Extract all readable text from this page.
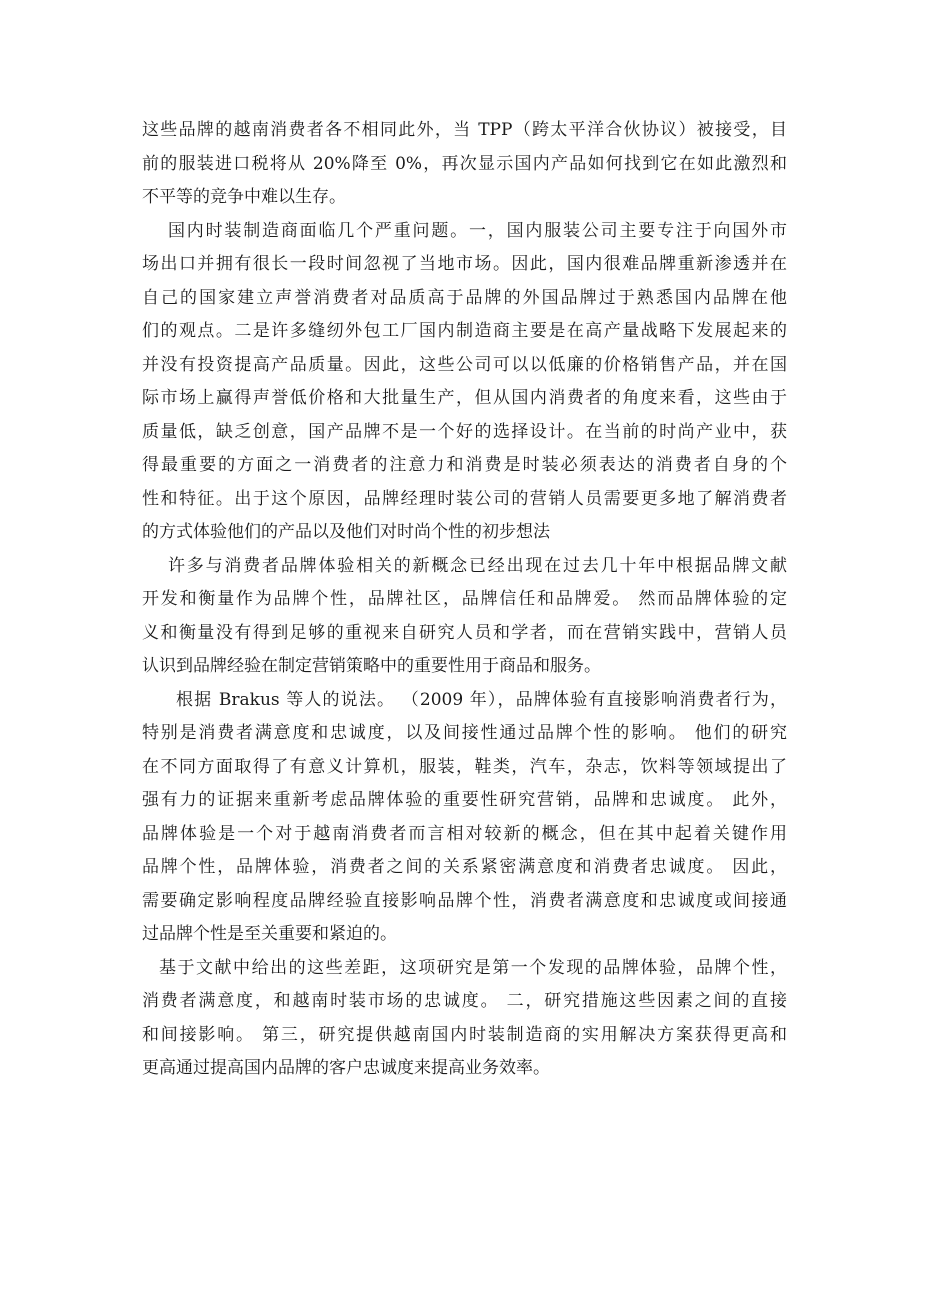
这些品牌的越南消费者各不相同此外，当 TPP（跨太平洋合伙协议）被接受，目
前的服装进口税将从 20%降至 0%，再次显示国内产品如何找到它在如此激烈和
不平等的竞争中难以生存。
国内时装制造商面临几个严重问题。一，国内服装公司主要专注于向国外市
场出口并拥有很长一段时间忽视了当地市场。因此，国内很难品牌重新渗透并在
自己的国家建立声誉消费者对品质高于品牌的外国品牌过于熟悉国内品牌在他
们的观点。二是许多缝纫外包工厂国内制造商主要是在高产量战略下发展起来的
并没有投资提高产品质量。因此，这些公司可以以低廉的价格销售产品，并在国
际市场上赢得声誉低价格和大批量生产，但从国内消费者的角度来看，这些由于
质量低，缺乏创意，国产品牌不是一个好的选择设计。在当前的时尚产业中，获
得最重要的方面之一消费者的注意力和消费是时装必须表达的消费者自身的个
性和特征。出于这个原因，品牌经理时装公司的营销人员需要更多地了解消费者
的方式体验他们的产品以及他们对时尚个性的初步想法
许多与消费者品牌体验相关的新概念已经出现在过去几十年中根据品牌文献
开发和衡量作为品牌个性，品牌社区，品牌信任和品牌爱。 然而品牌体验的定
义和衡量没有得到足够的重视来自研究人员和学者，而在营销实践中，营销人员
认识到品牌经验在制定营销策略中的重要性用于商品和服务。
根据 Brakus 等人的说法。 （2009 年），品牌体验有直接影响消费者行为，
特别是消费者满意度和忠诚度，以及间接性通过品牌个性的影响。 他们的研究
在不同方面取得了有意义计算机，服装，鞋类，汽车，杂志，饮料等领域提出了
强有力的证据来重新考虑品牌体验的重要性研究营销，品牌和忠诚度。 此外，
品牌体验是一个对于越南消费者而言相对较新的概念，但在其中起着关键作用
品牌个性，品牌体验，消费者之间的关系紧密满意度和消费者忠诚度。 因此，
需要确定影响程度品牌经验直接影响品牌个性，消费者满意度和忠诚度或间接通
过品牌个性是至关重要和紧迫的。
基于文献中给出的这些差距，这项研究是第一个发现的品牌体验，品牌个性，
消费者满意度，和越南时装市场的忠诚度。 二，研究措施这些因素之间的直接
和间接影响。 第三，研究提供越南国内时装制造商的实用解决方案获得更高和
更高通过提高国内品牌的客户忠诚度来提高业务效率。
